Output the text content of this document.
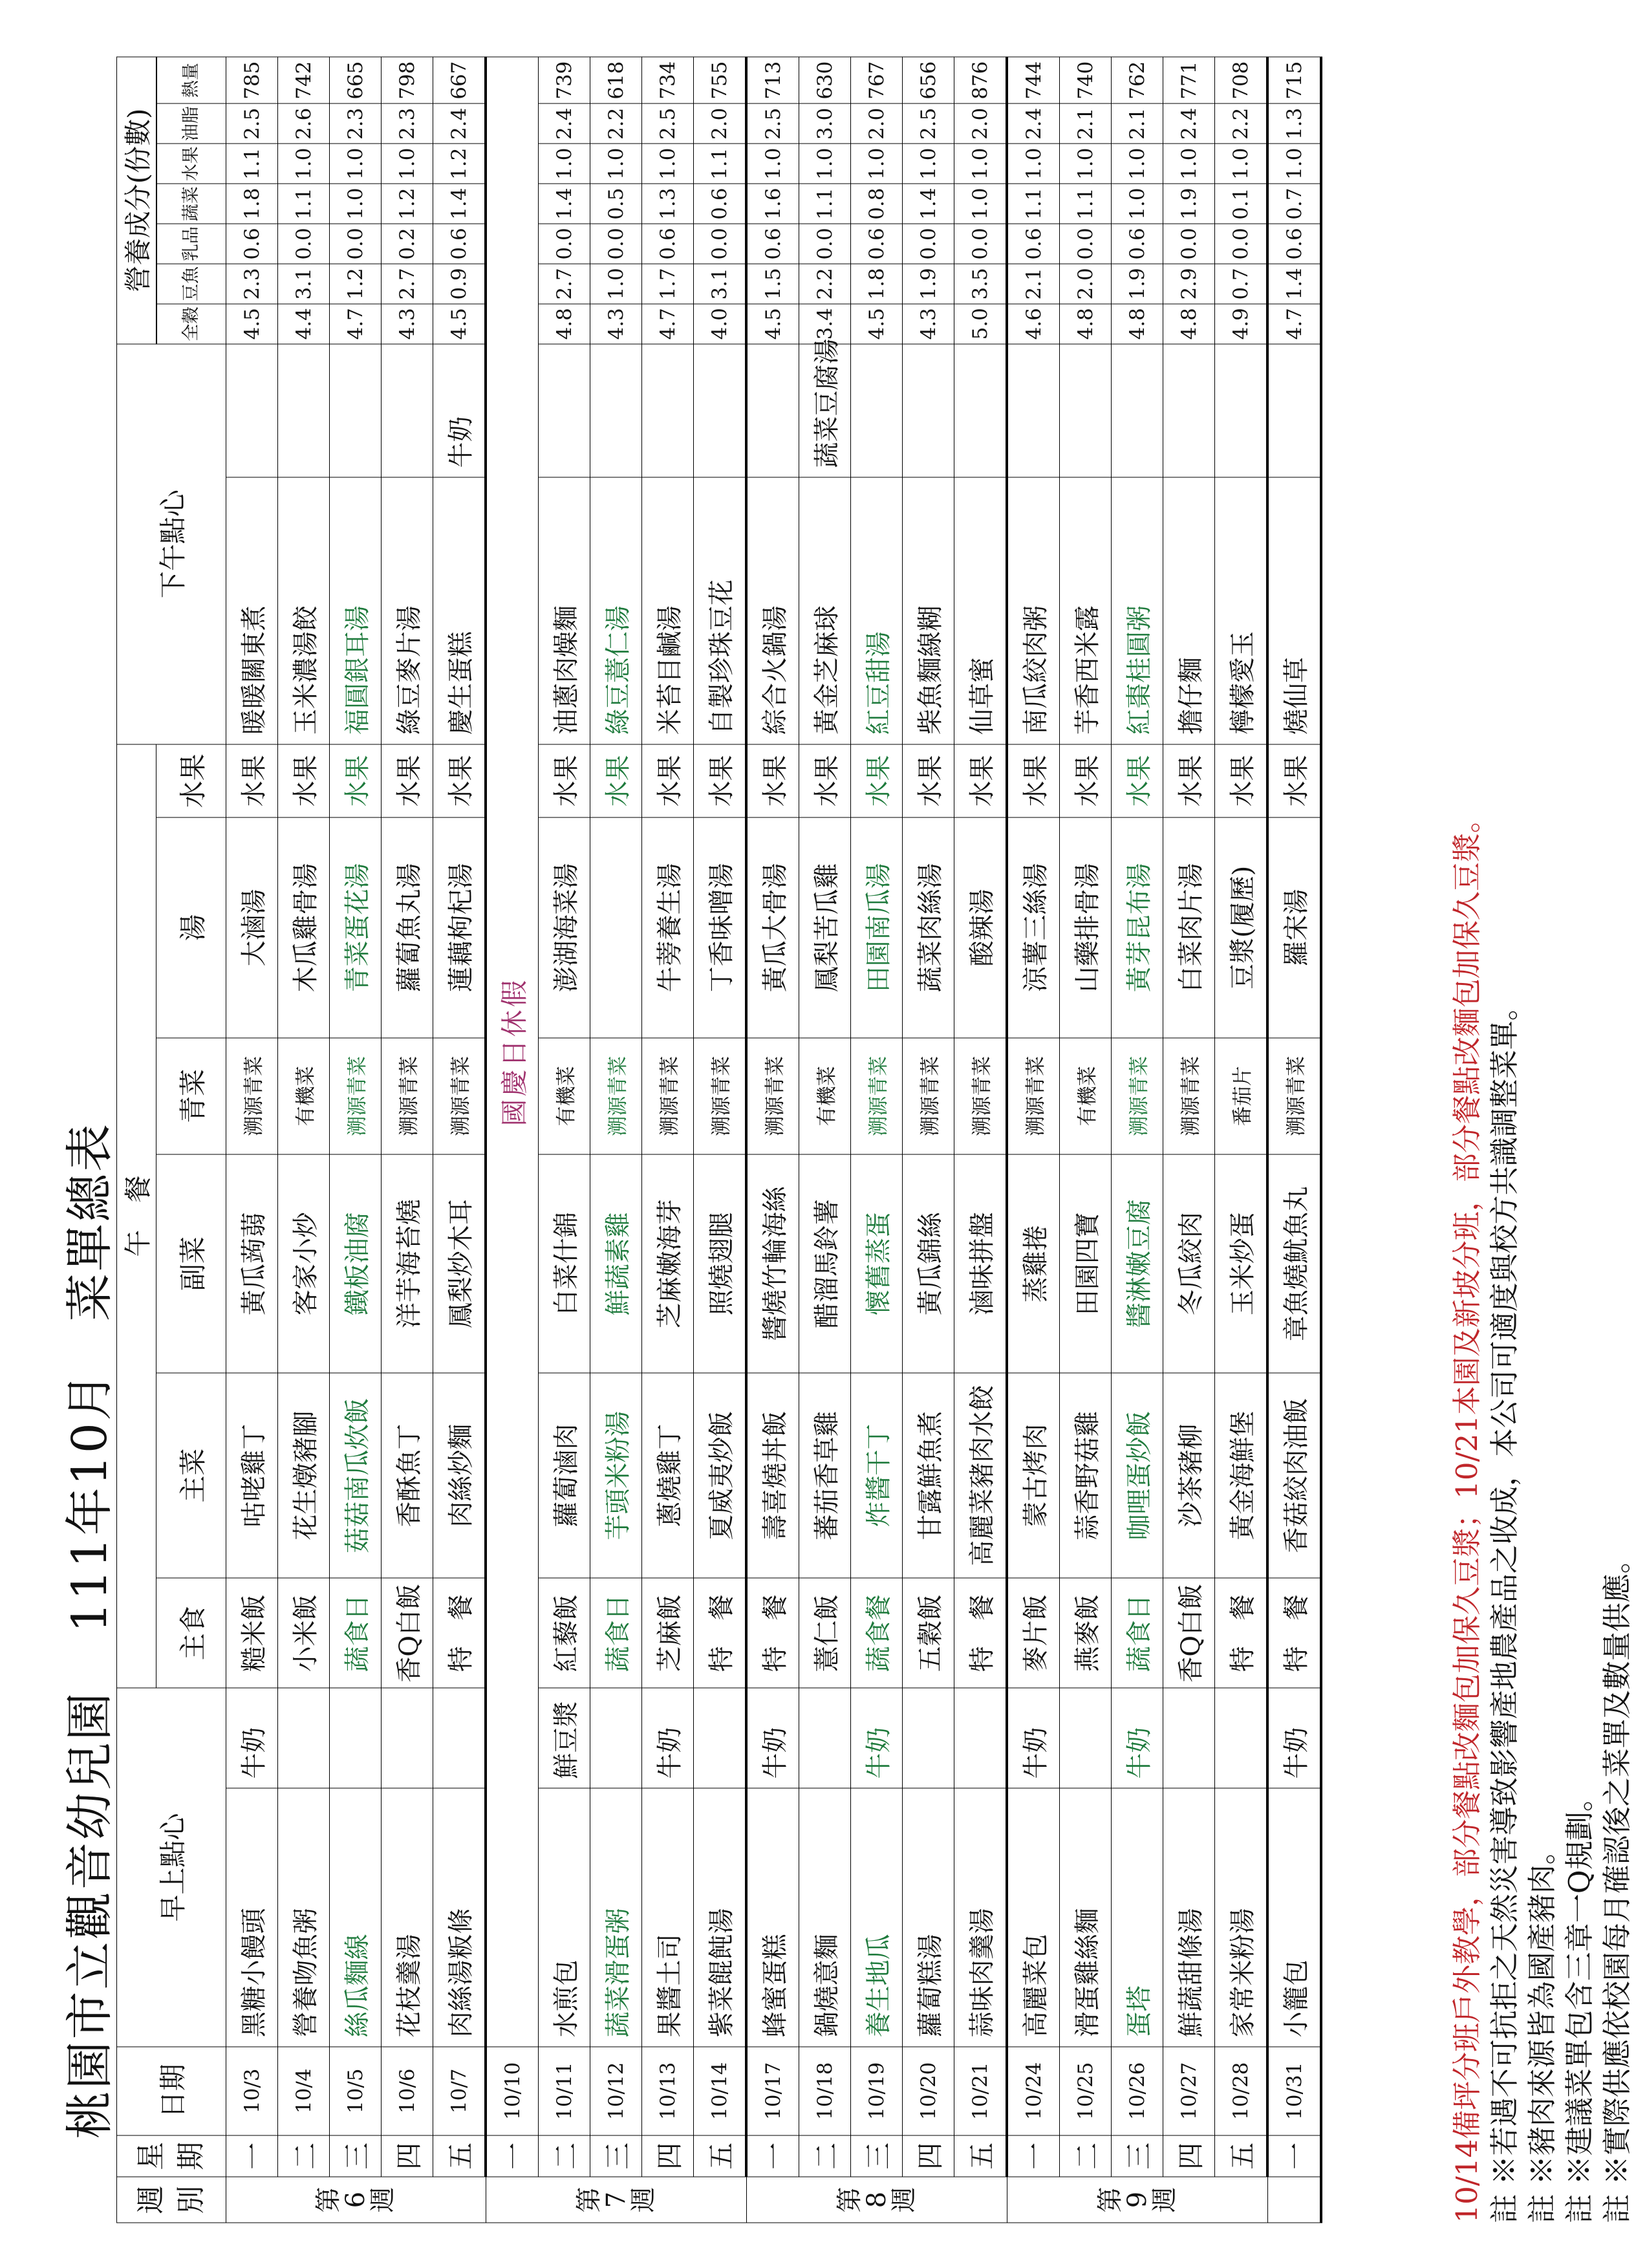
桃園市立觀音幼兒園111年10月　菜單總表
週別	星期	日期	早上點心		午　餐						下午點心		營養成分(份數)						
					主食	主菜	副菜	青菜	湯	水果									
													全穀	豆魚	乳品	蔬菜	水果	油脂	熱量

第
6
週	一	10/3	黑糖小饅頭	牛奶	糙米飯	咕咾雞丁	黃瓜蒟蒻	溯源青菜	大滷湯	水果	暖暖關東煮		4.5	2.3	0.6	1.8	1.1	2.5	785
	二	10/4	營養吻魚粥		小米飯	花生燉豬腳	客家小炒	有機菜	木瓜雞骨湯	水果	玉米濃湯餃		4.4	3.1	0.0	1.1	1.0	2.6	742
	三	10/5	絲瓜麵線		蔬食日	菇菇南瓜炊飯	鐵板油腐	溯源青菜	青菜蛋花湯	水果	福圓銀耳湯		4.7	1.2	0.0	1.0	1.0	2.3	665
	四	10/6	花枝羹湯		香Q白飯	香酥魚丁	洋芋海苔燒	溯源青菜	蘿蔔魚丸湯	水果	綠豆麥片湯		4.3	2.7	0.2	1.2	1.0	2.3	798
	五	10/7	肉絲湯粄條		特　餐	肉絲炒麵	鳳梨炒木耳	溯源青菜	蓮藕枸杞湯	水果	慶生蛋糕	牛奶	4.5	0.9	0.6	1.4	1.2	2.4	667

第
7
週	一	10/10	國慶日休假																
	二	10/11	水煎包	鮮豆漿	紅藜飯	蘿蔔滷肉	白菜什錦	有機菜	澎湖海菜湯	水果	油蔥肉燥麵		4.8	2.7	0.0	1.4	1.0	2.4	739
	三	10/12	蔬菜滑蛋粥		蔬食日	芋頭米粉湯	鮮蔬素雞	溯源青菜		水果	綠豆薏仁湯		4.3	1.0	0.0	0.5	1.0	2.2	618
	四	10/13	果醬土司	牛奶	芝麻飯	蔥燒雞丁	芝麻嫩海芽	溯源青菜	牛蒡養生湯	水果	米苔目鹹湯		4.7	1.7	0.6	1.3	1.0	2.5	734
	五	10/14	紫菜餛飩湯		特　餐	夏威夷炒飯	照燒翅腿	溯源青菜	丁香味噌湯	水果	自製珍珠豆花		4.0	3.1	0.0	0.6	1.1	2.0	755

第
8
週	一	10/17	蜂蜜蛋糕	牛奶	特　餐	壽喜燒丼飯	醬燒竹輪海絲	溯源青菜	黃瓜大骨湯	水果	綜合火鍋湯		4.5	1.5	0.6	1.6	1.0	2.5	713
	二	10/18	鍋燒意麵		薏仁飯	蕃茄香草雞	醋溜馬鈴薯	有機菜	鳳梨苦瓜雞	水果	黃金芝麻球	蔬菜豆腐湯	3.4	2.2	0.0	1.1	1.0	3.0	630
	三	10/19	養生地瓜	牛奶	蔬食餐	炸醬干丁	懷舊蒸蛋	溯源青菜	田園南瓜湯	水果	紅豆甜湯		4.5	1.8	0.6	0.8	1.0	2.0	767
	四	10/20	蘿蔔糕湯		五穀飯	甘露鮮魚煮	黃瓜錦絲	溯源青菜	蔬菜肉絲湯	水果	柴魚麵線糊		4.3	1.9	0.0	1.4	1.0	2.5	656
	五	10/21	蒜味肉羹湯		特　餐	高麗菜豬肉水餃	滷味拼盤	溯源青菜	酸辣湯	水果	仙草蜜		5.0	3.5	0.0	1.0	1.0	2.0	876

第
9
週	一	10/24	高麗菜包	牛奶	麥片飯	蒙古烤肉	蒸雞捲	溯源青菜	涼薯三絲湯	水果	南瓜絞肉粥		4.6	2.1	0.6	1.1	1.0	2.4	744
	二	10/25	滑蛋雞絲麵		燕麥飯	蒜香野菇雞	田園四寶	有機菜	山藥排骨湯	水果	芋香西米露		4.8	2.0	0.0	1.1	1.0	2.1	740
	三	10/26	蛋塔	牛奶	蔬食日	咖哩蛋炒飯	醬淋嫩豆腐	溯源青菜	黃芽昆布湯	水果	紅棗桂圓粥		4.8	1.9	0.6	1.0	1.0	2.1	762
	四	10/27	鮮蔬甜條湯		香Q白飯	沙茶豬柳	冬瓜絞肉	溯源青菜	白菜肉片湯	水果	擔仔麵		4.8	2.9	0.0	1.9	1.0	2.4	771
	五	10/28	家常米粉湯		特　餐	黃金海鮮堡	玉米炒蛋	番茄片	豆漿(履歷)	水果	檸檬愛玉		4.9	0.7	0.0	0.1	1.0	2.2	708

	一	10/31	小籠包	牛奶	特　餐	香菇絞肉油飯	章魚燒魷魚丸	溯源青菜	羅宋湯	水果	燒仙草		4.7	1.4	0.6	0.7	1.0	1.3	715
10/14備坪分班戶外教學，部分餐點改麵包加保久豆漿；10/21本園及新坡分班，部分餐點改麵包加保久豆漿。 註 ※若遇不可抗拒之天然災害導致影響產地農產品之收成，本公司可適度與校方共識調整菜單。 註 ※豬肉來源皆為國產豬肉。 註 ※建議菜單包含三章一Q規劃。 註 ※實際供應依校園每月確認後之菜單及數量供應。
